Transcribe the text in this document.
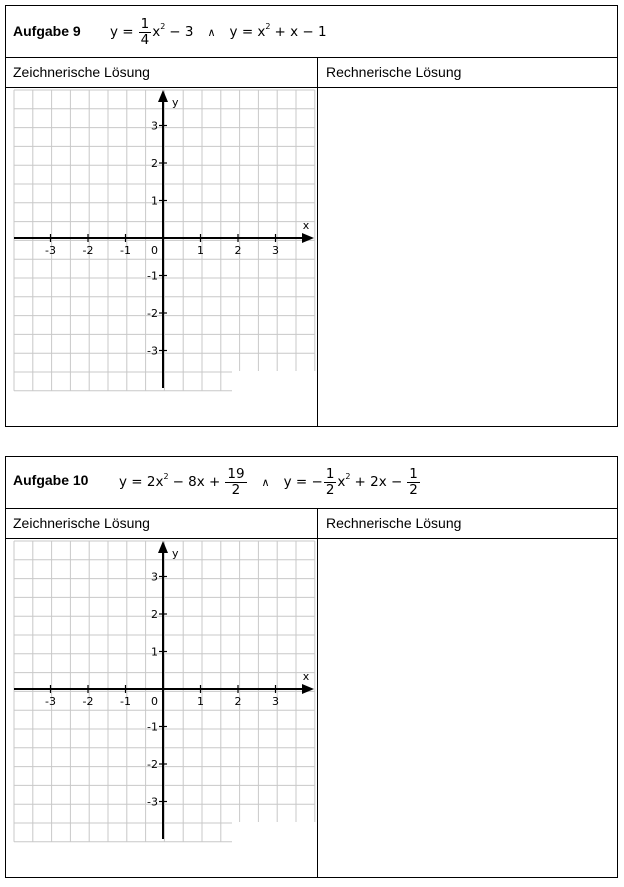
Aufgabe 9 $y = \frac{1}{4}$ x 2 − 3 ∧ y = x 2 + x − 1
Zeichnerische Lösung	Rechnerische Lösung
-3 -2 -1	1	2	3
3
2
1
-1
-2
-3
0
x
y
Aufgabe 10 y = 2x $2 - 8x + \frac{19}{2}$ ∧ y = − $\frac{1}{2}$ x $2 + 2x - \frac{1}{2}$
Zeichnerische Lösung	Rechnerische Lösung
-3 -2 -1	1	2	3
3
2
1
-1
-2
-3
0
x
y
